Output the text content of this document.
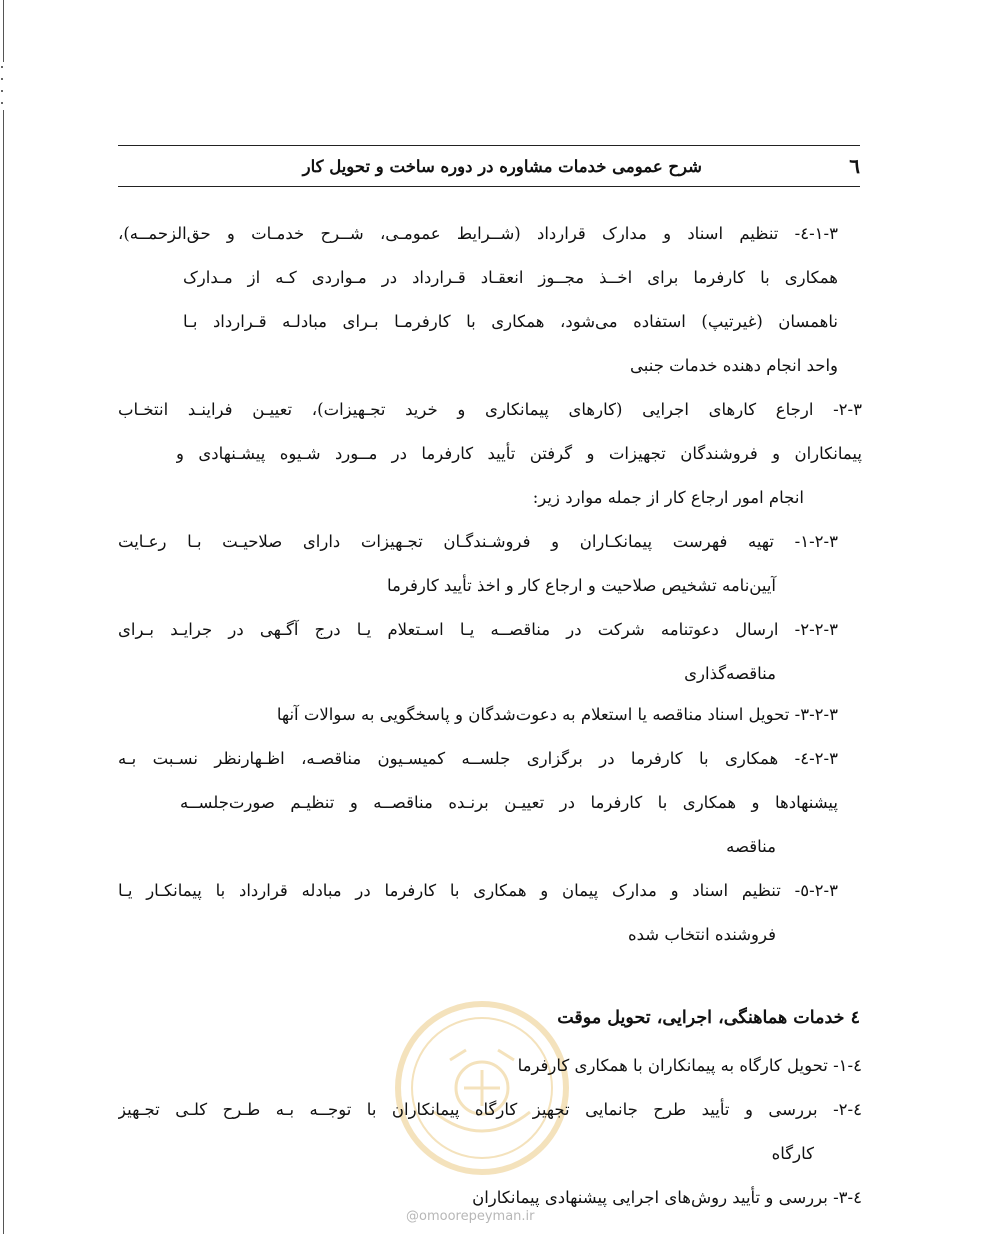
٦
شرح عمومی خدمات مشاوره در دوره ساخت و تحویل کار
٣-١-٤- تنظیم اسناد و مدارک قرارداد (شــرایط عمومـی، شــرح خدمـات و حق‌الزحمــه)،
همکاری با کارفرما برای اخــذ مجــوز انعقـاد قـرارداد در مـواردی کـه از مـدارک
ناهمسان (غیرتیپ) استفاده می‌شود، همکاری با کارفرمـا بـرای مبادلـه قـرارداد بـا
واحد انجام دهنده خدمات جنبی
٣-٢- ارجاع کارهای اجرایی (کارهای پیمانکاری و خرید تجـهیزات)، تعییـن فراینـد انتخـاب
پیمانکاران و فروشندگان تجهیزات و گرفتن تأیید کارفرما در مــورد شـیوه پیشـنهادی و
انجام امور ارجاع کار از جمله موارد زیر:
٣-٢-١- تهیه فهرست پیمانکـاران و فروشـندگـان تجـهیزات دارای صلاحیـت بـا رعـایت
آیین‌نامه تشخیص صلاحیت و ارجاع کار و اخذ تأیید کارفرما
٣-٢-٢- ارسال دعوتنامه شرکت در مناقصــه یـا اسـتعلام یـا درج آگـهی در جرایـد بـرای
مناقصه‌گذاری
٣-٢-٣- تحویل اسناد مناقصه یا استعلام به دعوت‌شدگان و پاسخگویی به سوالات آنها
٣-٢-٤- همکاری با کارفرما در برگزاری جلســه کمیسـیون مناقصـه، اظـهارنظر نسـبت بـه
پیشنهادها و همکاری با کارفرما در تعییـن برنـده مناقصــه و تنظیـم صورت‌جلســه
مناقصه
٣-٢-٥- تنظیم اسناد و مدارک پیمان و همکاری با کارفرما در مبادله قرارداد با پیمانکـار یـا
فروشنده انتخاب شده
٤ خدمات هماهنگی، اجرایی، تحویل موقت
٤-١- تحویل کارگاه به پیمانکاران با همکاری کارفرما
٤-٢- بررسی و تأیید طرح جانمایی تجهیز کارگاه پیمانکاران با توجــه بـه طـرح کلـی تجـهیز
کارگاه
٤-٣- بررسی و تأیید روش‌های اجرایی پیشنهادی پیمانکاران
@omoorepeyman.ir
